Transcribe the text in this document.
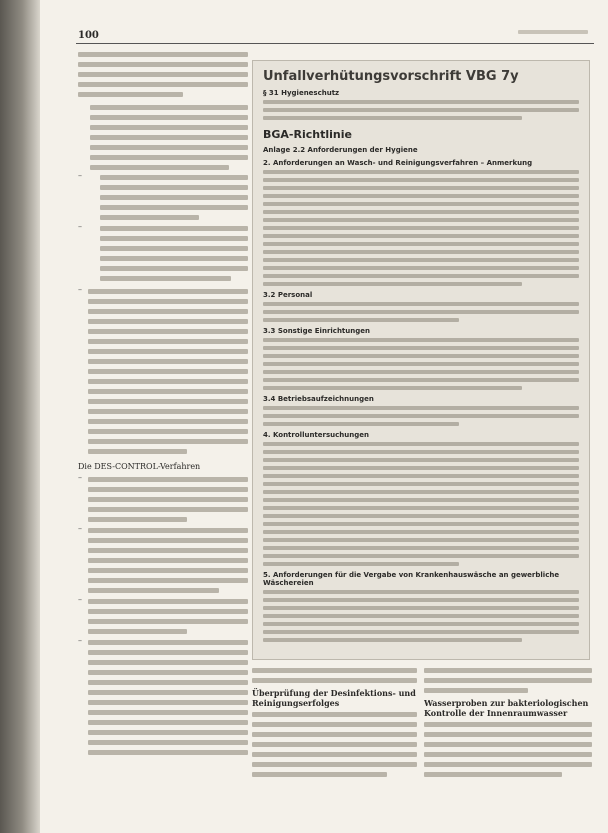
100
–
–
–
Die DES-CONTROL-Verfahren
–
–
–
–
Unfallverhütungsvorschrift VBG 7y
§ 31 Hygieneschutz
BGA-Richtlinie
Anlage 2.2 Anforderungen der Hygiene
2. Anforderungen an Wasch- und Reinigungsverfahren – Anmerkung
3.2 Personal
3.3 Sonstige Einrichtungen
3.4 Betriebsaufzeichnungen
4. Kontrolluntersuchungen
5. Anforderungen für die Vergabe von Krankenhauswäsche an gewerbliche Wäschereien
Überprüfung der Desinfektions- und Reinigungserfolges	Wasserproben zur bakteriologischen Kontrolle der Innenraumwasser
